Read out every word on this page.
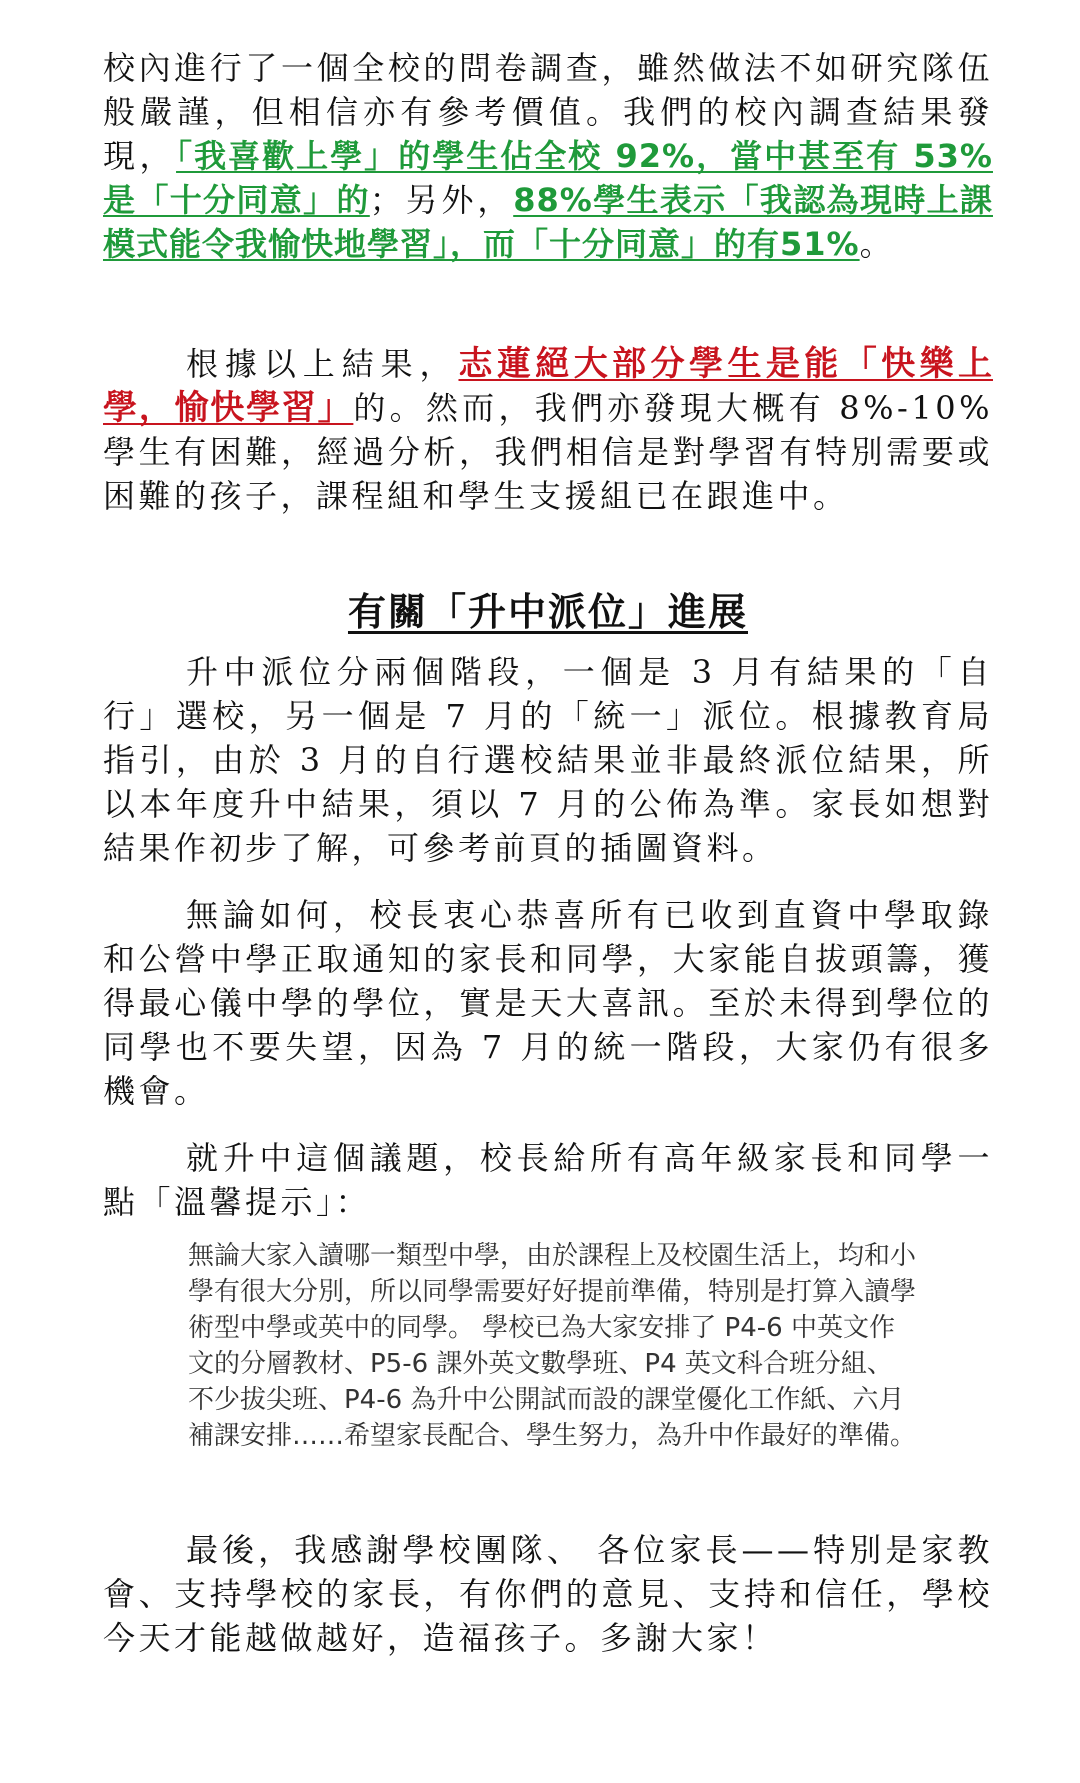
校內進行了一個全校的問卷調查，雖然做法不如研究隊伍般嚴謹，但相信亦有參考價值。我們的校內調查結果發現，「我喜歡上學」的學生佔全校 92%，當中甚至有 53%是「十分同意」的；另外，88%學生表示「我認為現時上課模式能令我愉快地學習」，而「十分同意」的有51%。

根據以上結果，志蓮絕大部分學生是能「快樂上學，愉快學習」的。然而，我們亦發現大概有 8%-10%學生有困難，經過分析，我們相信是對學習有特別需要或困難的孩子，課程組和學生支援組已在跟進中。

有關「升中派位」進展

升中派位分兩個階段，一個是 3 月有結果的「自行」選校，另一個是 7 月的「統一」派位。根據教育局指引，由於 3 月的自行選校結果並非最終派位結果，所以本年度升中結果，須以 7 月的公佈為準。家長如想對結果作初步了解，可參考前頁的插圖資料。

無論如何，校長衷心恭喜所有已收到直資中學取錄和公營中學正取通知的家長和同學，大家能自拔頭籌，獲得最心儀中學的學位，實是天大喜訊。至於未得到學位的同學也不要失望，因為 7 月的統一階段，大家仍有很多機會。

就升中這個議題，校長給所有高年級家長和同學一點「溫馨提示」：

無論大家入讀哪一類型中學，由於課程上及校園生活上，均和小學有很大分別，所以同學需要好好提前準備，特別是打算入讀學術型中學或英中的同學。 學校已為大家安排了 P4-6 中英文作文的分層教材、P5-6 課外英文數學班、P4 英文科合班分組、不少拔尖班、P4-6 為升中公開試而設的課堂優化工作紙、六月補課安排……希望家長配合、學生努力，為升中作最好的準備。

最後，我感謝學校團隊、 各位家長——特別是家教會、支持學校的家長，有你們的意見、支持和信任，學校今天才能越做越好，造福孩子。多謝大家！
